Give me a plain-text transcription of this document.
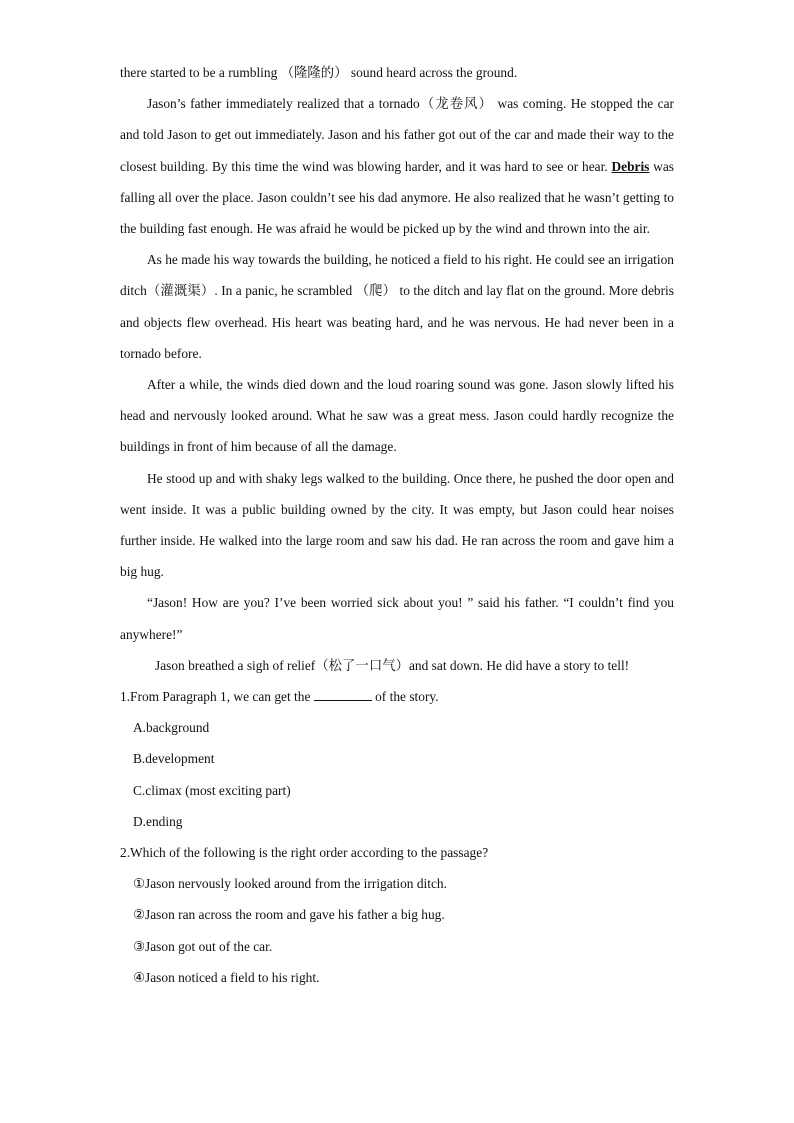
there started to be a rumbling （隆隆的） sound heard across the ground.

Jason’s father immediately realized that a tornado（龙卷风） was coming. He stopped the car and told Jason to get out immediately. Jason and his father got out of the car and made their way to the closest building. By this time the wind was blowing harder, and it was hard to see or hear. Debris was falling all over the place. Jason couldn’t see his dad anymore. He also realized that he wasn’t getting to the building fast enough. He was afraid he would be picked up by the wind and thrown into the air.

As he made his way towards the building, he noticed a field to his right. He could see an irrigation ditch（灌溉渠）. In a panic, he scrambled （爬） to the ditch and lay flat on the ground. More debris and objects flew overhead. His heart was beating hard, and he was nervous. He had never been in a tornado before.

After a while, the winds died down and the loud roaring sound was gone. Jason slowly lifted his head and nervously looked around. What he saw was a great mess. Jason could hardly recognize the buildings in front of him because of all the damage.

He stood up and with shaky legs walked to the building. Once there, he pushed the door open and went inside. It was a public building owned by the city. It was empty, but Jason could hear noises further inside. He walked into the large room and saw his dad. He ran across the room and gave him a big hug.

“Jason! How are you? I’ve been worried sick about you! ” said his father. “I couldn’t find you anywhere!”

Jason breathed a sigh of relief（松了一口气）and sat down. He did have a story to tell!

1.From Paragraph 1, we can get the	of the story.

A.background

B.development

C.climax (most exciting part)

D.ending

2.Which of the following is the right order according to the passage?

①Jason nervously looked around from the irrigation ditch.

②Jason ran across the room and gave his father a big hug.

③Jason got out of the car.

④Jason noticed a field to his right.
